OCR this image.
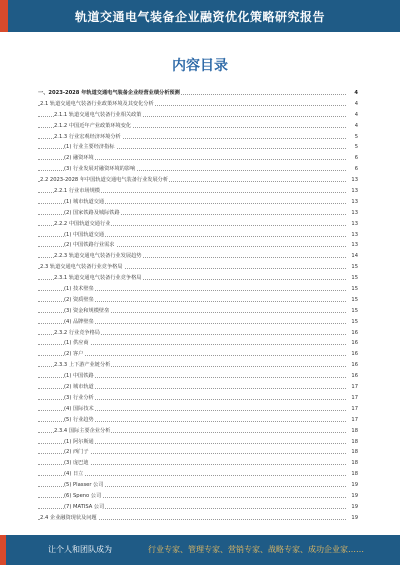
轨道交通电气装备企业融资优化策略研究报告
内容目录
一、2023-2028 年轨道交通电气装备企业经营业绩分析预测	4
2.1 轨道交通电气装备行业政策环境及其变化分析	4
2.1.1 轨道交通电气装备行业相关政策	4
2.1.2 中国近年产业政策环境变化	4
2.1.3 行业宏观经济环境分析	5
(1) 行业主要经济指标	5
(2) 融资环境	6
(3) 行业发展对融资环境的影响	6
2.2 2023-2028 年中国轨道交通电气装备行业发展分析	13
2.2.1 行业市场规模	13
(1) 城市轨道交通	13
(2) 国家铁路及城际铁路	13
2.2.2 中国轨道交通行业	13
(1) 中国轨道交通	13
(2) 中国铁路行业需求	13
2.2.3 轨道交通电气装备行业发展趋势	14
2.3 轨道交通电气装备行业竞争格局	15
2.3.1 轨道交通电气装备行业竞争格局	15
(1) 技术壁垒	15
(2) 资质壁垒	15
(3) 资金和规模壁垒	15
(4) 品牌壁垒	15
2.3.2 行业竞争格局	16
(1) 供应商	16
(2) 客户	16
2.3.3 上下游产业链分析	16
(1) 中国铁路	16
(2) 城市轨道	17
(3) 行业分析	17
(4) 国际技术	17
(5) 行业趋势	17
2.3.4 国际主要企业分析	18
(1) 阿尔斯通	18
(2) 西门子	18
(3) 庞巴迪	18
(4) 日立	18
(5) Plasser 公司	19
(6) Speno 公司	19
(7) MATISA 公司	19
2.4 企业融资现状及问题	19
让个人和团队成为	行业专家、管理专家、营销专家、战略专家、成功企业家……
